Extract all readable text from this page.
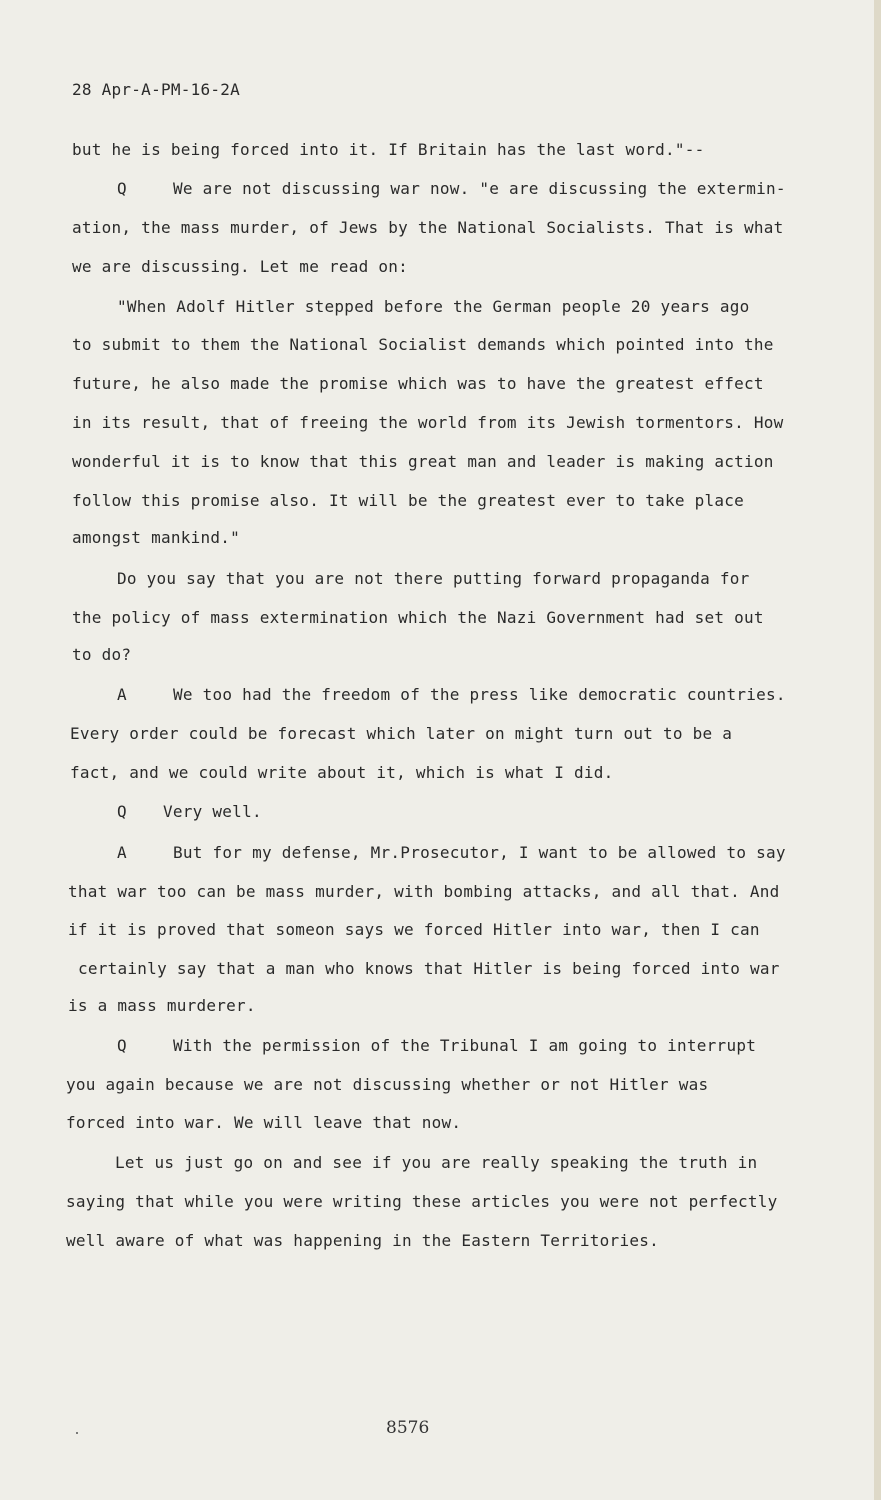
28 Apr-A-PM-16-2A
but he is being forced into it. If Britain has the last word."--
Q	We are not discussing war now. "e are discussing the extermin-
ation, the mass murder, of Jews by the National Socialists. That is what
we are discussing. Let me read on:
"When Adolf Hitler stepped before the German people 20 years ago
to submit to them the National Socialist demands which pointed into the
future, he also made the promise which was to have the greatest effect
in its result, that of freeing the world from its Jewish tormentors. How
wonderful it is to know that this great man and leader is making action
follow this promise also. It will be the greatest ever to take place
amongst mankind."
Do you say that you are not there putting forward propaganda for
the policy of mass extermination which the Nazi Government had set out
to do?
A	We too had the freedom of the press like democratic countries.
Every order could be forecast which later on might turn out to be a
fact, and we could write about it, which is what I did.
Q Very well.
A	But for my defense, Mr.Prosecutor, I want to be allowed to say
that war too can be mass murder, with bombing attacks, and all that. And
if it is proved that someon says we forced Hitler into war, then I can
certainly say that a man who knows that Hitler is being forced into war
is a mass murderer.
Q	With the permission of the Tribunal I am going to interrupt
you again because we are not discussing whether or not Hitler was
forced into war. We will leave that now.
Let us just go on and see if you are really speaking the truth in
saying that while you were writing these articles you were not perfectly
well aware of what was happening in the Eastern Territories.
8576
